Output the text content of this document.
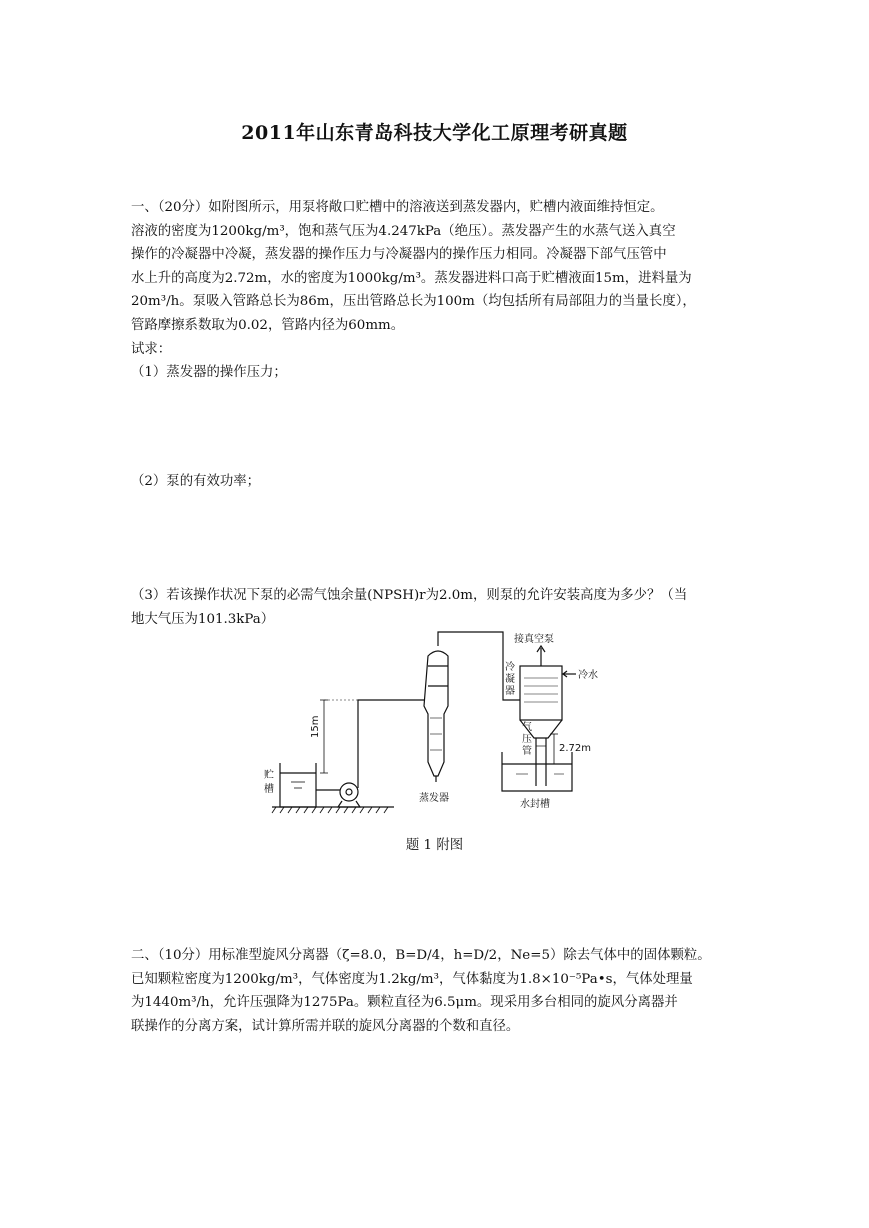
2011年山东青岛科技大学化工原理考研真题
一、（20分）如附图所示，用泵将敞口贮槽中的溶液送到蒸发器内，贮槽内液面维持恒定。
溶液的密度为1200kg/m³，饱和蒸气压为4.247kPa（绝压）。蒸发器产生的水蒸气送入真空
操作的冷凝器中冷凝，蒸发器的操作压力与冷凝器内的操作压力相同。冷凝器下部气压管中
水上升的高度为2.72m，水的密度为1000kg/m³。蒸发器进料口高于贮槽液面15m，进料量为
20m³/h。泵吸入管路总长为86m，压出管路总长为100m（均包括所有局部阻力的当量长度），
管路摩擦系数取为0.02，管路内径为60mm。
试求：
（1）蒸发器的操作压力；
（2）泵的有效功率；
（3）若该操作状况下泵的必需气蚀余量(NPSH)r为2.0m，则泵的允许安装高度为多少？（当
地大气压为101.3kPa）
15m
贮
槽
蒸发器
接真空泵
冷
凝
器
冷水
气
压
管	2.72m
水封槽
题 1 附图
二、（10分）用标准型旋风分离器（ζ=8.0，B=D/4，h=D/2，Ne=5）除去气体中的固体颗粒。
已知颗粒密度为1200kg/m³，气体密度为1.2kg/m³，气体黏度为1.8×10⁻⁵Pa•s，气体处理量
为1440m³/h，允许压强降为1275Pa。颗粒直径为6.5μm。现采用多台相同的旋风分离器并
联操作的分离方案，试计算所需并联的旋风分离器的个数和直径。
